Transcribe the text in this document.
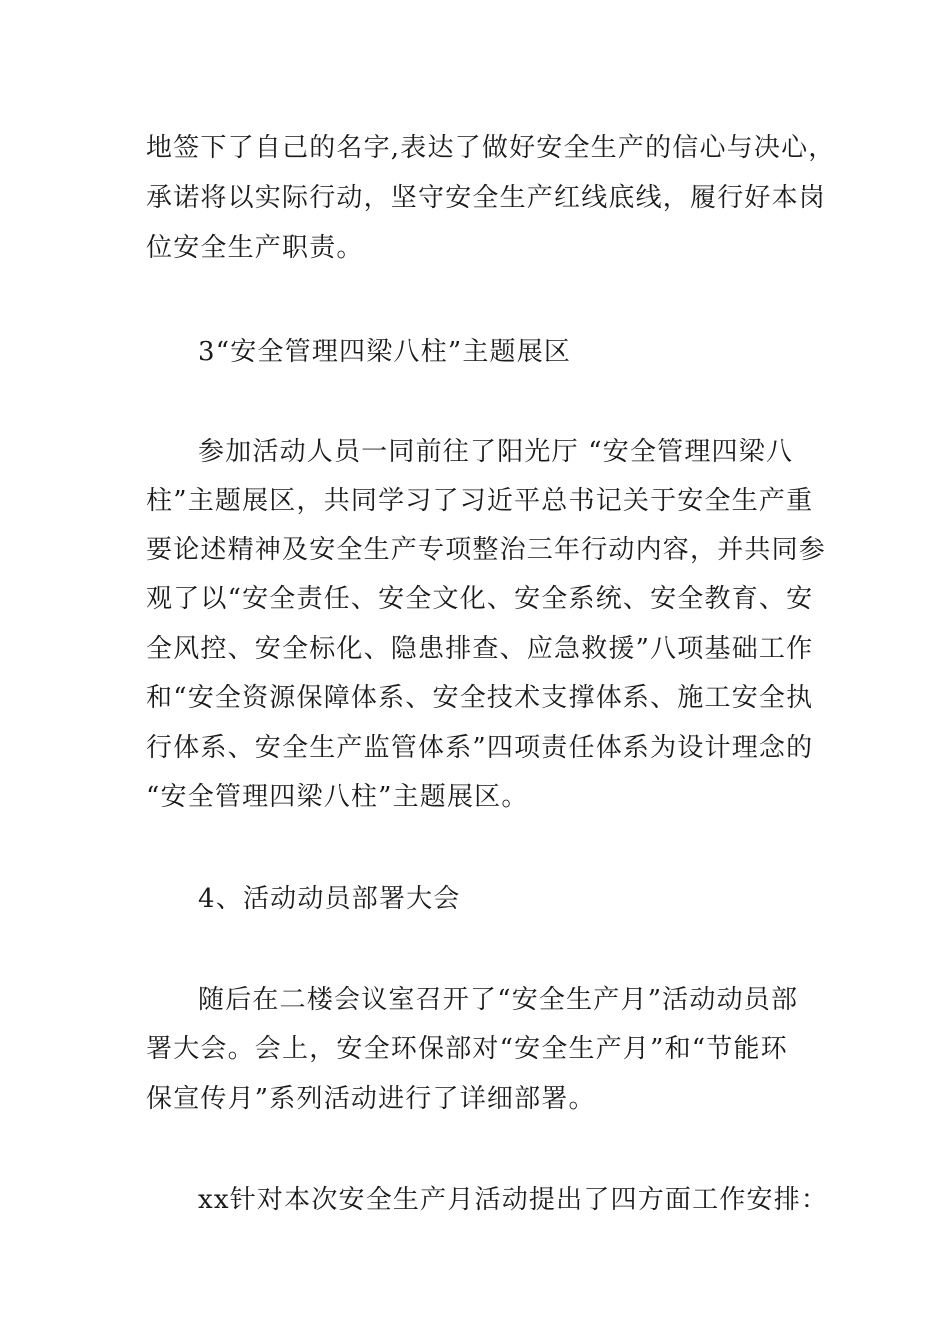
地签下了自己的名字,表达了做好安全生产的信心与决心，
承诺将以实际行动，坚守安全生产红线底线，履行好本岗
位安全生产职责。
3“安全管理四梁八柱”主题展区
参加活动人员一同前往了阳光厅 “安全管理四梁八
柱”主题展区，共同学习了习近平总书记关于安全生产重
要论述精神及安全生产专项整治三年行动内容，并共同参
观了以“安全责任、安全文化、安全系统、安全教育、安
全风控、安全标化、隐患排查、应急救援”八项基础工作
和“安全资源保障体系、安全技术支撑体系、施工安全执
行体系、安全生产监管体系”四项责任体系为设计理念的
“安全管理四梁八柱”主题展区。
4、活动动员部署大会
随后在二楼会议室召开了“安全生产月”活动动员部
署大会。会上，安全环保部对“安全生产月”和“节能环
保宣传月”系列活动进行了详细部署。
xx针对本次安全生产月活动提出了四方面工作安排：
